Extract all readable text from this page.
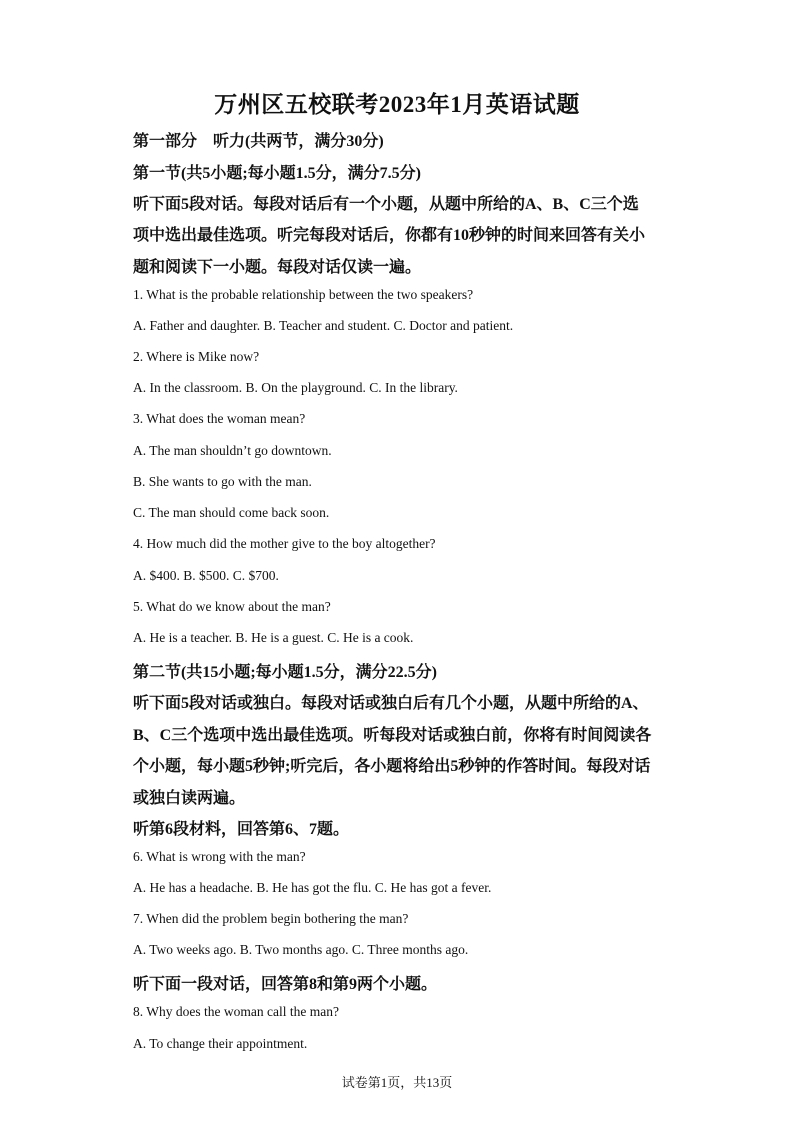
万州区五校联考2023年1月英语试题
第一部分　听力(共两节，满分30分)
第一节(共5小题;每小题1.5分，满分7.5分)
听下面5段对话。每段对话后有一个小题，从题中所给的A、B、C三个选
项中选出最佳选项。听完每段对话后，你都有10秒钟的时间来回答有关小
题和阅读下一小题。每段对话仅读一遍。
1. What is the probable relationship between the two speakers?
A. Father and daughter. B. Teacher and student. C. Doctor and patient.
2. Where is Mike now?
A. In the classroom. B. On the playground. C. In the library.
3. What does the woman mean?
A. The man shouldn’t go downtown.
B. She wants to go with the man.
C. The man should come back soon.
4. How much did the mother give to the boy altogether?
A. $400. B. $500. C. $700.
5. What do we know about the man?
A. He is a teacher. B. He is a guest. C. He is a cook.
第二节(共15小题;每小题1.5分，满分22.5分)
听下面5段对话或独白。每段对话或独白后有几个小题，从题中所给的A、
B、C三个选项中选出最佳选项。听每段对话或独白前，你将有时间阅读各
个小题，每小题5秒钟;听完后，各小题将给出5秒钟的作答时间。每段对话
或独白读两遍。
听第6段材料，回答第6、7题。
6. What is wrong with the man?
A. He has a headache. B. He has got the flu. C. He has got a fever.
7. When did the problem begin bothering the man?
A. Two weeks ago. B. Two months ago. C. Three months ago.
听下面一段对话，回答第8和第9两个小题。
8. Why does the woman call the man?
A. To change their appointment.
试卷第1页，共13页
